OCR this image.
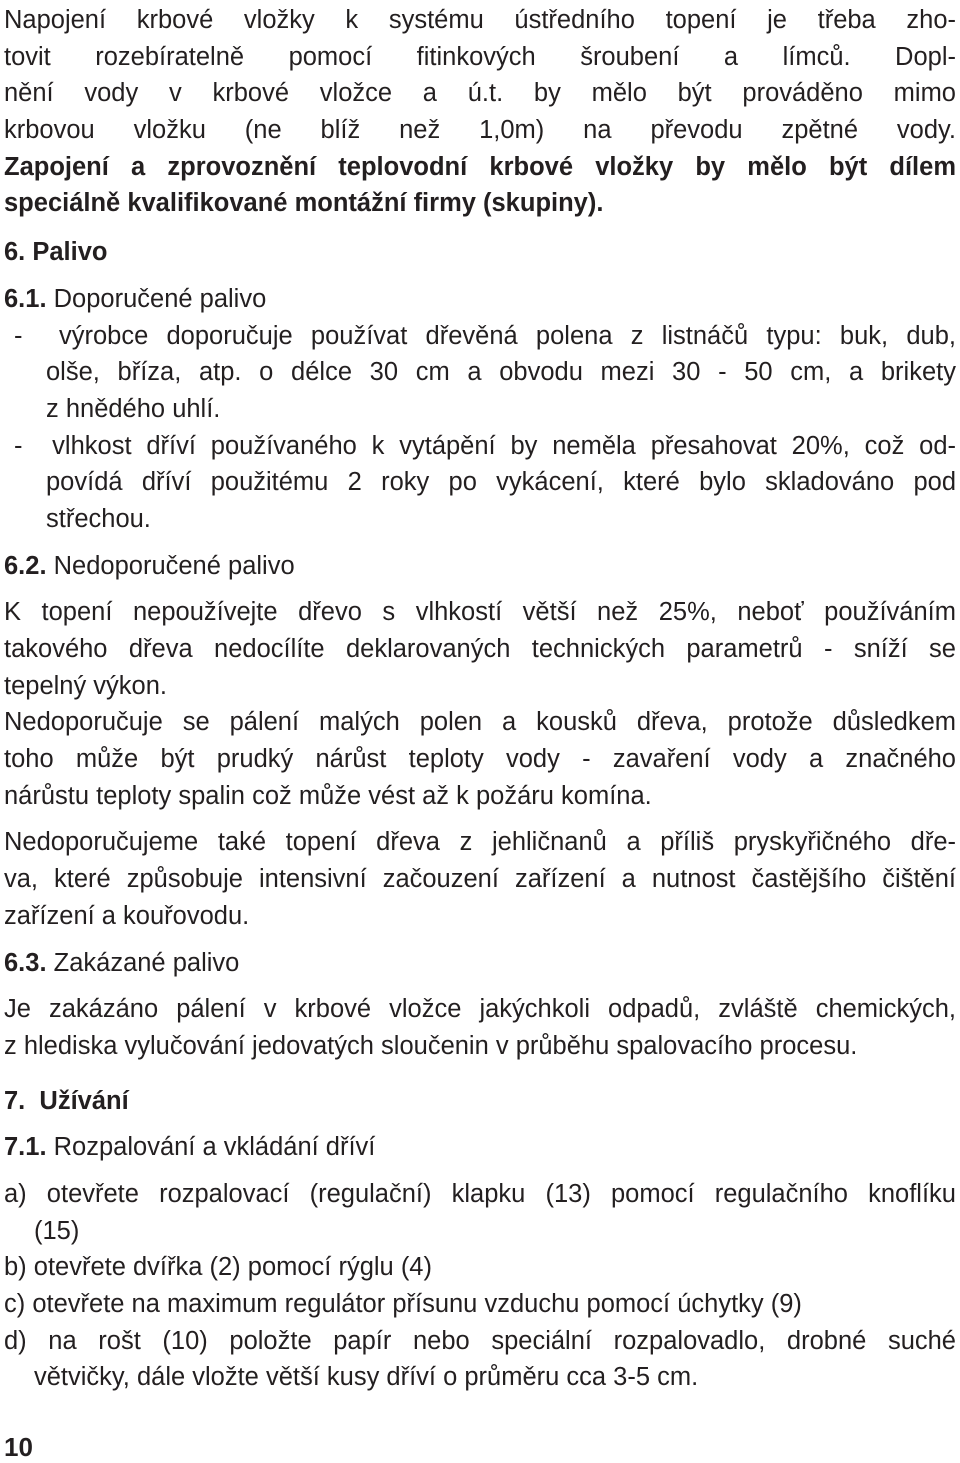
Napojení krbové vložky k systému ústředního topení je třeba zho-
tovit rozebíratelně pomocí fitinkových šroubení a límců. Dopl-
nění vody v krbové vložce a ú.t. by mělo být prováděno mimo
krbovou vložku (ne blíž než 1,0m) na převodu zpětné vody.
Zapojení a zprovoznění teplovodní krbové vložky by mělo být dílem
speciálně kvalifikované montážní firmy (skupiny).
6. Palivo
6.1. Doporučené palivo
- výrobce doporučuje používat dřevěná polena z listnáčů typu: buk, dub,
olše, bříza, atp. o délce 30 cm a obvodu mezi 30 - 50 cm, a brikety
z hnědého uhlí.
- vlhkost dříví používaného k vytápění by neměla přesahovat 20%, což od-
povídá dříví použitému 2 roky po vykácení, které bylo skladováno pod
střechou.
6.2. Nedoporučené palivo
K topení nepoužívejte dřevo s vlhkostí větší než 25%, neboť používáním
takového dřeva nedocílíte deklarovaných technických parametrů - sníží se
tepelný výkon.
Nedoporučuje se pálení malých polen a kousků dřeva, protože důsledkem
toho může být prudký nárůst teploty vody - zavaření vody a značného
nárůstu teploty spalin což může vést až k požáru komína.
Nedoporučujeme také topení dřeva z jehličnanů a příliš pryskyřičného dře-
va, které způsobuje intensivní začouzení zařízení a nutnost častějšího čištění
zařízení a kouřovodu.
6.3. Zakázané palivo
Je zakázáno pálení v krbové vložce jakýchkoli odpadů, zvláště chemických,
z hlediska vylučování jedovatých sloučenin v průběhu spalovacího procesu.
7.  Užívání
7.1. Rozpalování a vkládání dříví
a) otevřete rozpalovací (regulační) klapku (13) pomocí regulačního knoflíku
(15)
b) otevřete dvířka (2) pomocí rýglu (4)
c) otevřete na maximum regulátor přísunu vzduchu pomocí úchytky (9)
d) na rošt (10) položte papír nebo speciální rozpalovadlo, drobné suché
větvičky, dále vložte větší kusy dříví o průměru cca 3-5 cm.
10
